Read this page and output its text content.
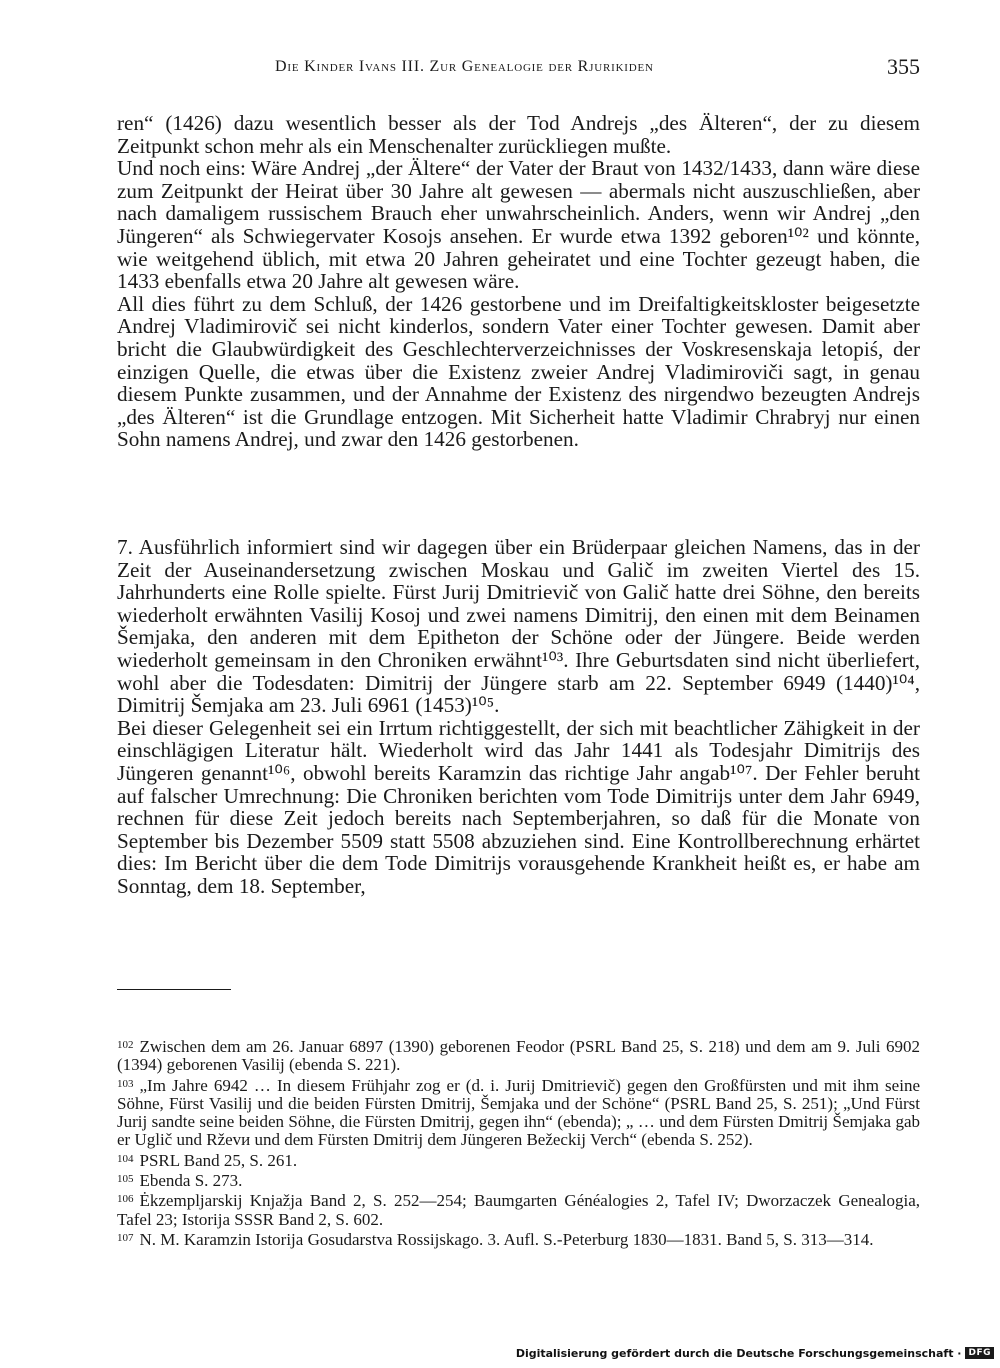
Die Kinder Ivans III. Zur Genealogie der Rjurikiden	355

ren“ (1426) dazu wesentlich besser als der Tod Andrejs „des Älteren“, der zu diesem Zeitpunkt schon mehr als ein Menschenalter zurückliegen mußte.

Und noch eins: Wäre Andrej „der Ältere“ der Vater der Braut von 1432/1433, dann wäre diese zum Zeitpunkt der Heirat über 30 Jahre alt gewesen — abermals nicht auszuschließen, aber nach damaligem russischem Brauch eher unwahrscheinlich. Anders, wenn wir Andrej „den Jüngeren“ als Schwiegervater Kosojs ansehen. Er wurde etwa 1392 geboren¹⁰² und könnte, wie weitgehend üblich, mit etwa 20 Jahren geheiratet und eine Tochter gezeugt haben, die 1433 ebenfalls etwa 20 Jahre alt gewesen wäre.

All dies führt zu dem Schluß, der 1426 gestorbene und im Dreifaltigkeitskloster beigesetzte Andrej Vladimirovič sei nicht kinderlos, sondern Vater einer Tochter gewesen. Damit aber bricht die Glaubwürdigkeit des Geschlechterverzeichnisses der Voskresenskaja letopiś, der einzigen Quelle, die etwas über die Existenz zweier Andrej Vladimiroviči sagt, in genau diesem Punkte zusammen, und der Annahme der Existenz des nirgendwo bezeugten Andrejs „des Älteren“ ist die Grundlage entzogen. Mit Sicherheit hatte Vladimir Chrabryj nur einen Sohn namens Andrej, und zwar den 1426 gestorbenen.

7. Ausführlich informiert sind wir dagegen über ein Brüderpaar gleichen Namens, das in der Zeit der Auseinandersetzung zwischen Moskau und Galič im zweiten Viertel des 15. Jahrhunderts eine Rolle spielte. Fürst Jurij Dmitrievič von Galič hatte drei Söhne, den bereits wiederholt erwähnten Vasilij Kosoj und zwei namens Dimitrij, den einen mit dem Beinamen Šemjaka, den anderen mit dem Epitheton der Schöne oder der Jüngere. Beide werden wiederholt gemeinsam in den Chroniken erwähnt¹⁰³. Ihre Geburtsdaten sind nicht überliefert, wohl aber die Todesdaten: Dimitrij der Jüngere starb am 22. September 6949 (1440)¹⁰⁴, Dimitrij Šemjaka am 23. Juli 6961 (1453)¹⁰⁵.

Bei dieser Gelegenheit sei ein Irrtum richtiggestellt, der sich mit beachtlicher Zähigkeit in der einschlägigen Literatur hält. Wiederholt wird das Jahr 1441 als Todesjahr Dimitrijs des Jüngeren genannt¹⁰⁶, obwohl bereits Karamzin das richtige Jahr angab¹⁰⁷. Der Fehler beruht auf falscher Umrechnung: Die Chroniken berichten vom Tode Dimitrijs unter dem Jahr 6949, rechnen für diese Zeit jedoch bereits nach Septemberjahren, so daß für die Monate von September bis Dezember 5509 statt 5508 abzuziehen sind. Eine Kontrollberechnung erhärtet dies: Im Bericht über die dem Tode Dimitrijs vorausgehende Krankheit heißt es, er habe am Sonntag, dem 18. September,

$^{102}$ Zwischen dem am 26. Januar 6897 (1390) geborenen Feodor (PSRL Band 25, S. 218) und dem am 9. Juli 6902 (1394) geborenen Vasilij (ebenda S. 221).

$^{103}$ „Im Jahre 6942 … In diesem Frühjahr zog er (d. i. Jurij Dmitrievič) gegen den Großfürsten und mit ihm seine Söhne, Fürst Vasilij und die beiden Fürsten Dmitrij, Šemjaka und der Schöne“ (PSRL Band 25, S. 251); „Und Fürst Jurij sandte seine beiden Söhne, die Fürsten Dmitrij, gegen ihn“ (ebenda); „ … und dem Fürsten Dmitrij Šemjaka gab er Uglič und Rževи und dem Fürsten Dmitrij dem Jüngeren Bežeckij Verch“ (ebenda S. 252).

$^{104}$ PSRL Band 25, S. 261.

$^{105}$ Ebenda S. 273.

$^{106}$ Ėkzempljarskij Knjažja Band 2, S. 252—254; Baumgarten Généalogies 2, Tafel IV; Dworzaczek Genealogia, Tafel 23; Istorija SSSR Band 2, S. 602.

$^{107}$ N. M. Karamzin Istorija Gosudarstva Rossijskago. 3. Aufl. S.-Peterburg 1830—1831. Band 5, S. 313—314.

Digitalisierung gefördert durch die Deutsche Forschungsgemeinschaft · DFG
